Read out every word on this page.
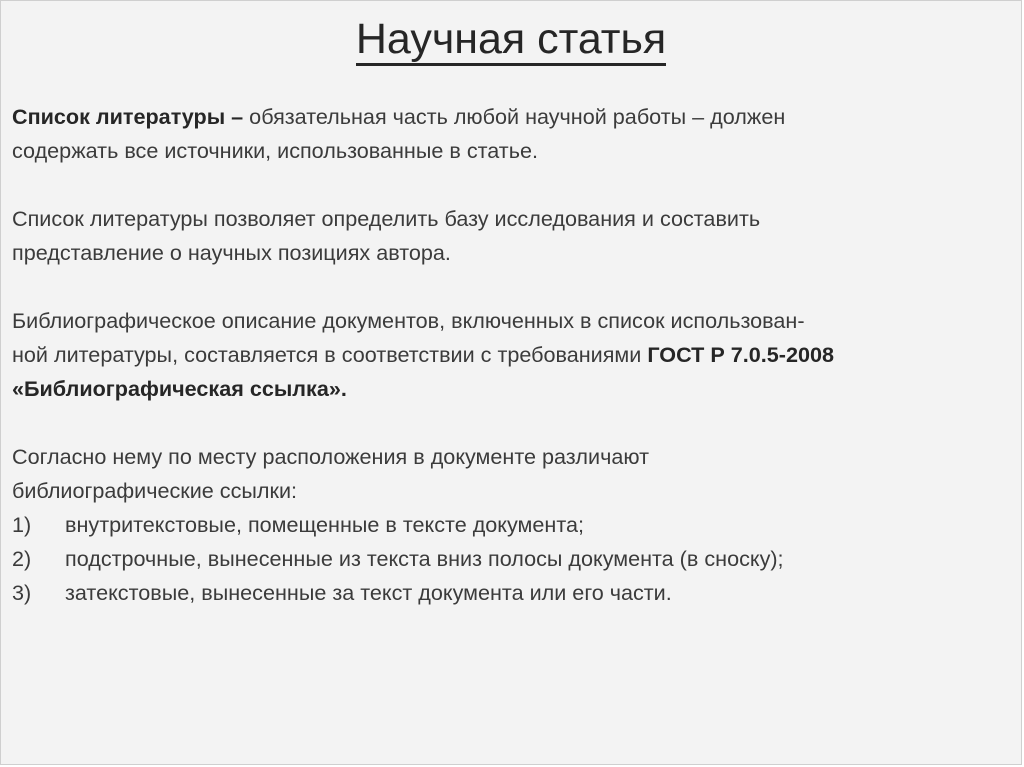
Научная статья

Список литературы – обязательная часть любой научной работы – должен
содержать все источники, использованные в статье.

Список литературы позволяет определить базу исследования и составить
представление о научных позициях автора.

Библиографическое описание документов, включенных в список использован-
ной литературы, составляется в соответствии с требованиями ГОСТ Р 7.0.5-2008
«Библиографическая ссылка».

Согласно нему по месту расположения в документе различают
библиографические ссылки:

1)	внутритекстовые, помещенные в тексте документа;
2)	подстрочные, вынесенные из текста вниз полосы документа (в сноску);
3)	затекстовые, вынесенные за текст документа или его части.
